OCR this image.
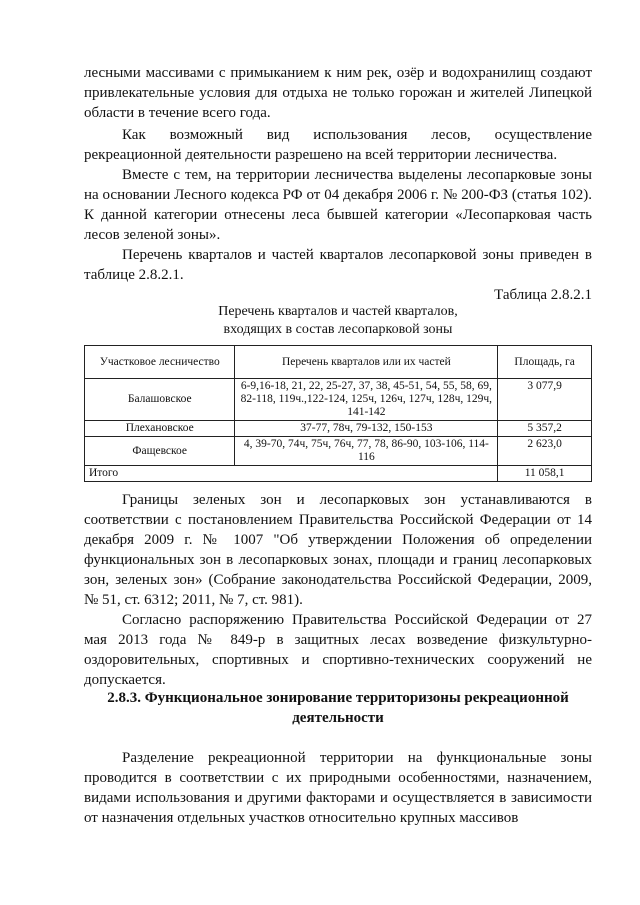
лесными массивами с примыканием к ним рек, озёр и водохранилищ создают привлекательные условия для отдыха не только горожан и жителей Липецкой области в течение всего года.

Как возможный вид использования лесов, осуществление рекреационной деятельности разрешено на всей территории лесничества.

Вместе с тем, на территории лесничества выделены лесопарковые зоны на основании Лесного кодекса РФ от 04 декабря 2006 г. № 200-ФЗ (статья 102). К данной категории отнесены леса бывшей категории «Лесопарковая часть лесов зеленой зоны».

Перечень кварталов и частей кварталов лесопарковой зоны приведен в таблице 2.8.2.1.

Таблица 2.8.2.1

Перечень кварталов и частей кварталов,

входящих в состав лесопарковой зоны

Участковое лесничество	Перечень кварталов или их частей	Площадь, га
Балашовское	6-9,16-18, 21, 22, 25-27, 37, 38, 45-51, 54, 55, 58, 69, 82-118, 119ч.,122-124, 125ч, 126ч, 127ч, 128ч, 129ч, 141-142	3 077,9
Плехановское	37-77, 78ч, 79-132, 150-153	5 357,2
Фащевское	4, 39-70, 74ч, 75ч, 76ч, 77, 78, 86-90, 103-106, 114-116	2 623,0
Итого		11 058,1

Границы зеленых зон и лесопарковых зон устанавливаются в соответствии с постановлением Правительства Российской Федерации от 14 декабря 2009 г. № 1007 "Об утверждении Положения об определении функциональных зон в лесопарковых зонах, площади и границ лесопарковых зон, зеленых зон» (Собрание законодательства Российской Федерации, 2009, № 51, ст. 6312; 2011, № 7, ст. 981).

Согласно распоряжению Правительства Российской Федерации от 27 мая 2013 года № 849-р в защитных лесах возведение физкультурно-оздоровительных, спортивных и спортивно-технических сооружений не допускается.

2.8.3. Функциональное зонирование территоризоны рекреационной

деятельности

Разделение рекреационной территории на функциональные зоны проводится в соответствии с их природными особенностями, назначением, видами использования и другими факторами и осуществляется в зависимости от назначения отдельных участков относительно крупных массивов
